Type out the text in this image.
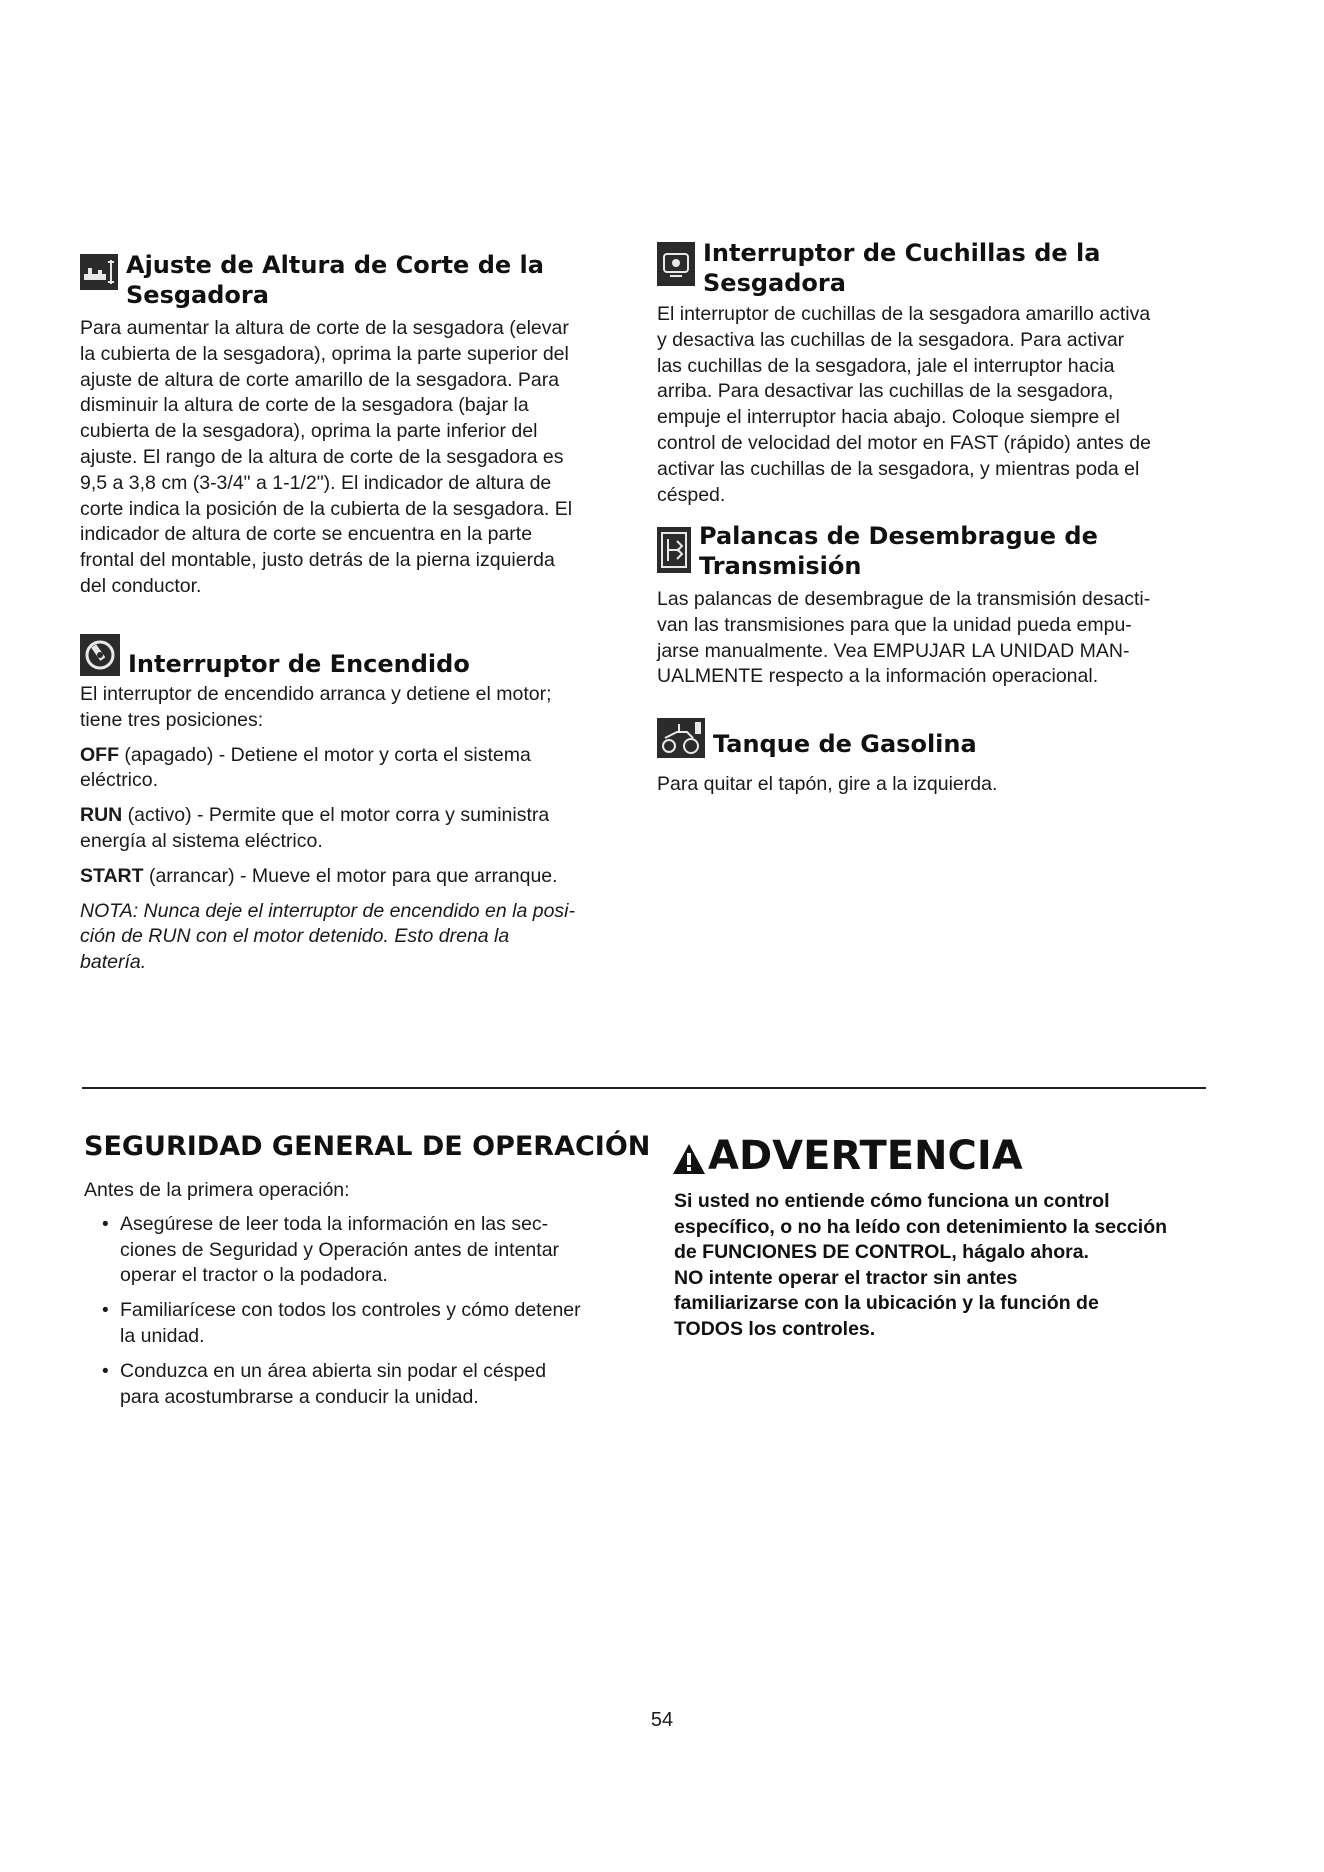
Ajuste de Altura de Corte de la
Sesgadora

Para aumentar la altura de corte de la sesgadora (elevar
la cubierta de la sesgadora), oprima la parte superior del
ajuste de altura de corte amarillo de la sesgadora. Para
disminuir la altura de corte de la sesgadora (bajar la
cubierta de la sesgadora), oprima la parte inferior del
ajuste. El rango de la altura de corte de la sesgadora es
9,5 a 3,8 cm (3-3/4" a 1-1/2"). El indicador de altura de
corte indica la posición de la cubierta de la sesgadora. El
indicador de altura de corte se encuentra en la parte
frontal del montable, justo detrás de la pierna izquierda
del conductor.

Interruptor de Encendido

El interruptor de encendido arranca y detiene el motor;
tiene tres posiciones:

OFF (apagado) - Detiene el motor y corta el sistema
eléctrico.

RUN (activo) - Permite que el motor corra y suministra
energía al sistema eléctrico.

START (arrancar) - Mueve el motor para que arranque.

NOTA: Nunca deje el interruptor de encendido en la posi-
ción de RUN con el motor detenido. Esto drena la
batería.

Interruptor de Cuchillas de la
Sesgadora

El interruptor de cuchillas de la sesgadora amarillo activa
y desactiva las cuchillas de la sesgadora. Para activar
las cuchillas de la sesgadora, jale el interruptor hacia
arriba. Para desactivar las cuchillas de la sesgadora,
empuje el interruptor hacia abajo. Coloque siempre el
control de velocidad del motor en FAST (rápido) antes de
activar las cuchillas de la sesgadora, y mientras poda el
césped.

Palancas de Desembrague de
Transmisión

Las palancas de desembrague de la transmisión desacti-
van las transmisiones para que la unidad pueda empu-
jarse manualmente. Vea EMPUJAR LA UNIDAD MAN-
UALMENTE respecto a la información operacional.

Tanque de Gasolina

Para quitar el tapón, gire a la izquierda.

SEGURIDAD GENERAL DE OPERACIÓN

Antes de la primera operación:

• Asegúrese de leer toda la información en las sec-
ciones de Seguridad y Operación antes de intentar
operar el tractor o la podadora.

• Familiarícese con todos los controles y cómo detener
la unidad.

• Conduzca en un área abierta sin podar el césped
para acostumbrarse a conducir la unidad.

ADVERTENCIA
Si usted no entiende cómo funciona un control
específico, o no ha leído con detenimiento la sección
de FUNCIONES DE CONTROL, hágalo ahora.
NO intente operar el tractor sin antes
familiarizarse con la ubicación y la función de
TODOS los controles.
54
